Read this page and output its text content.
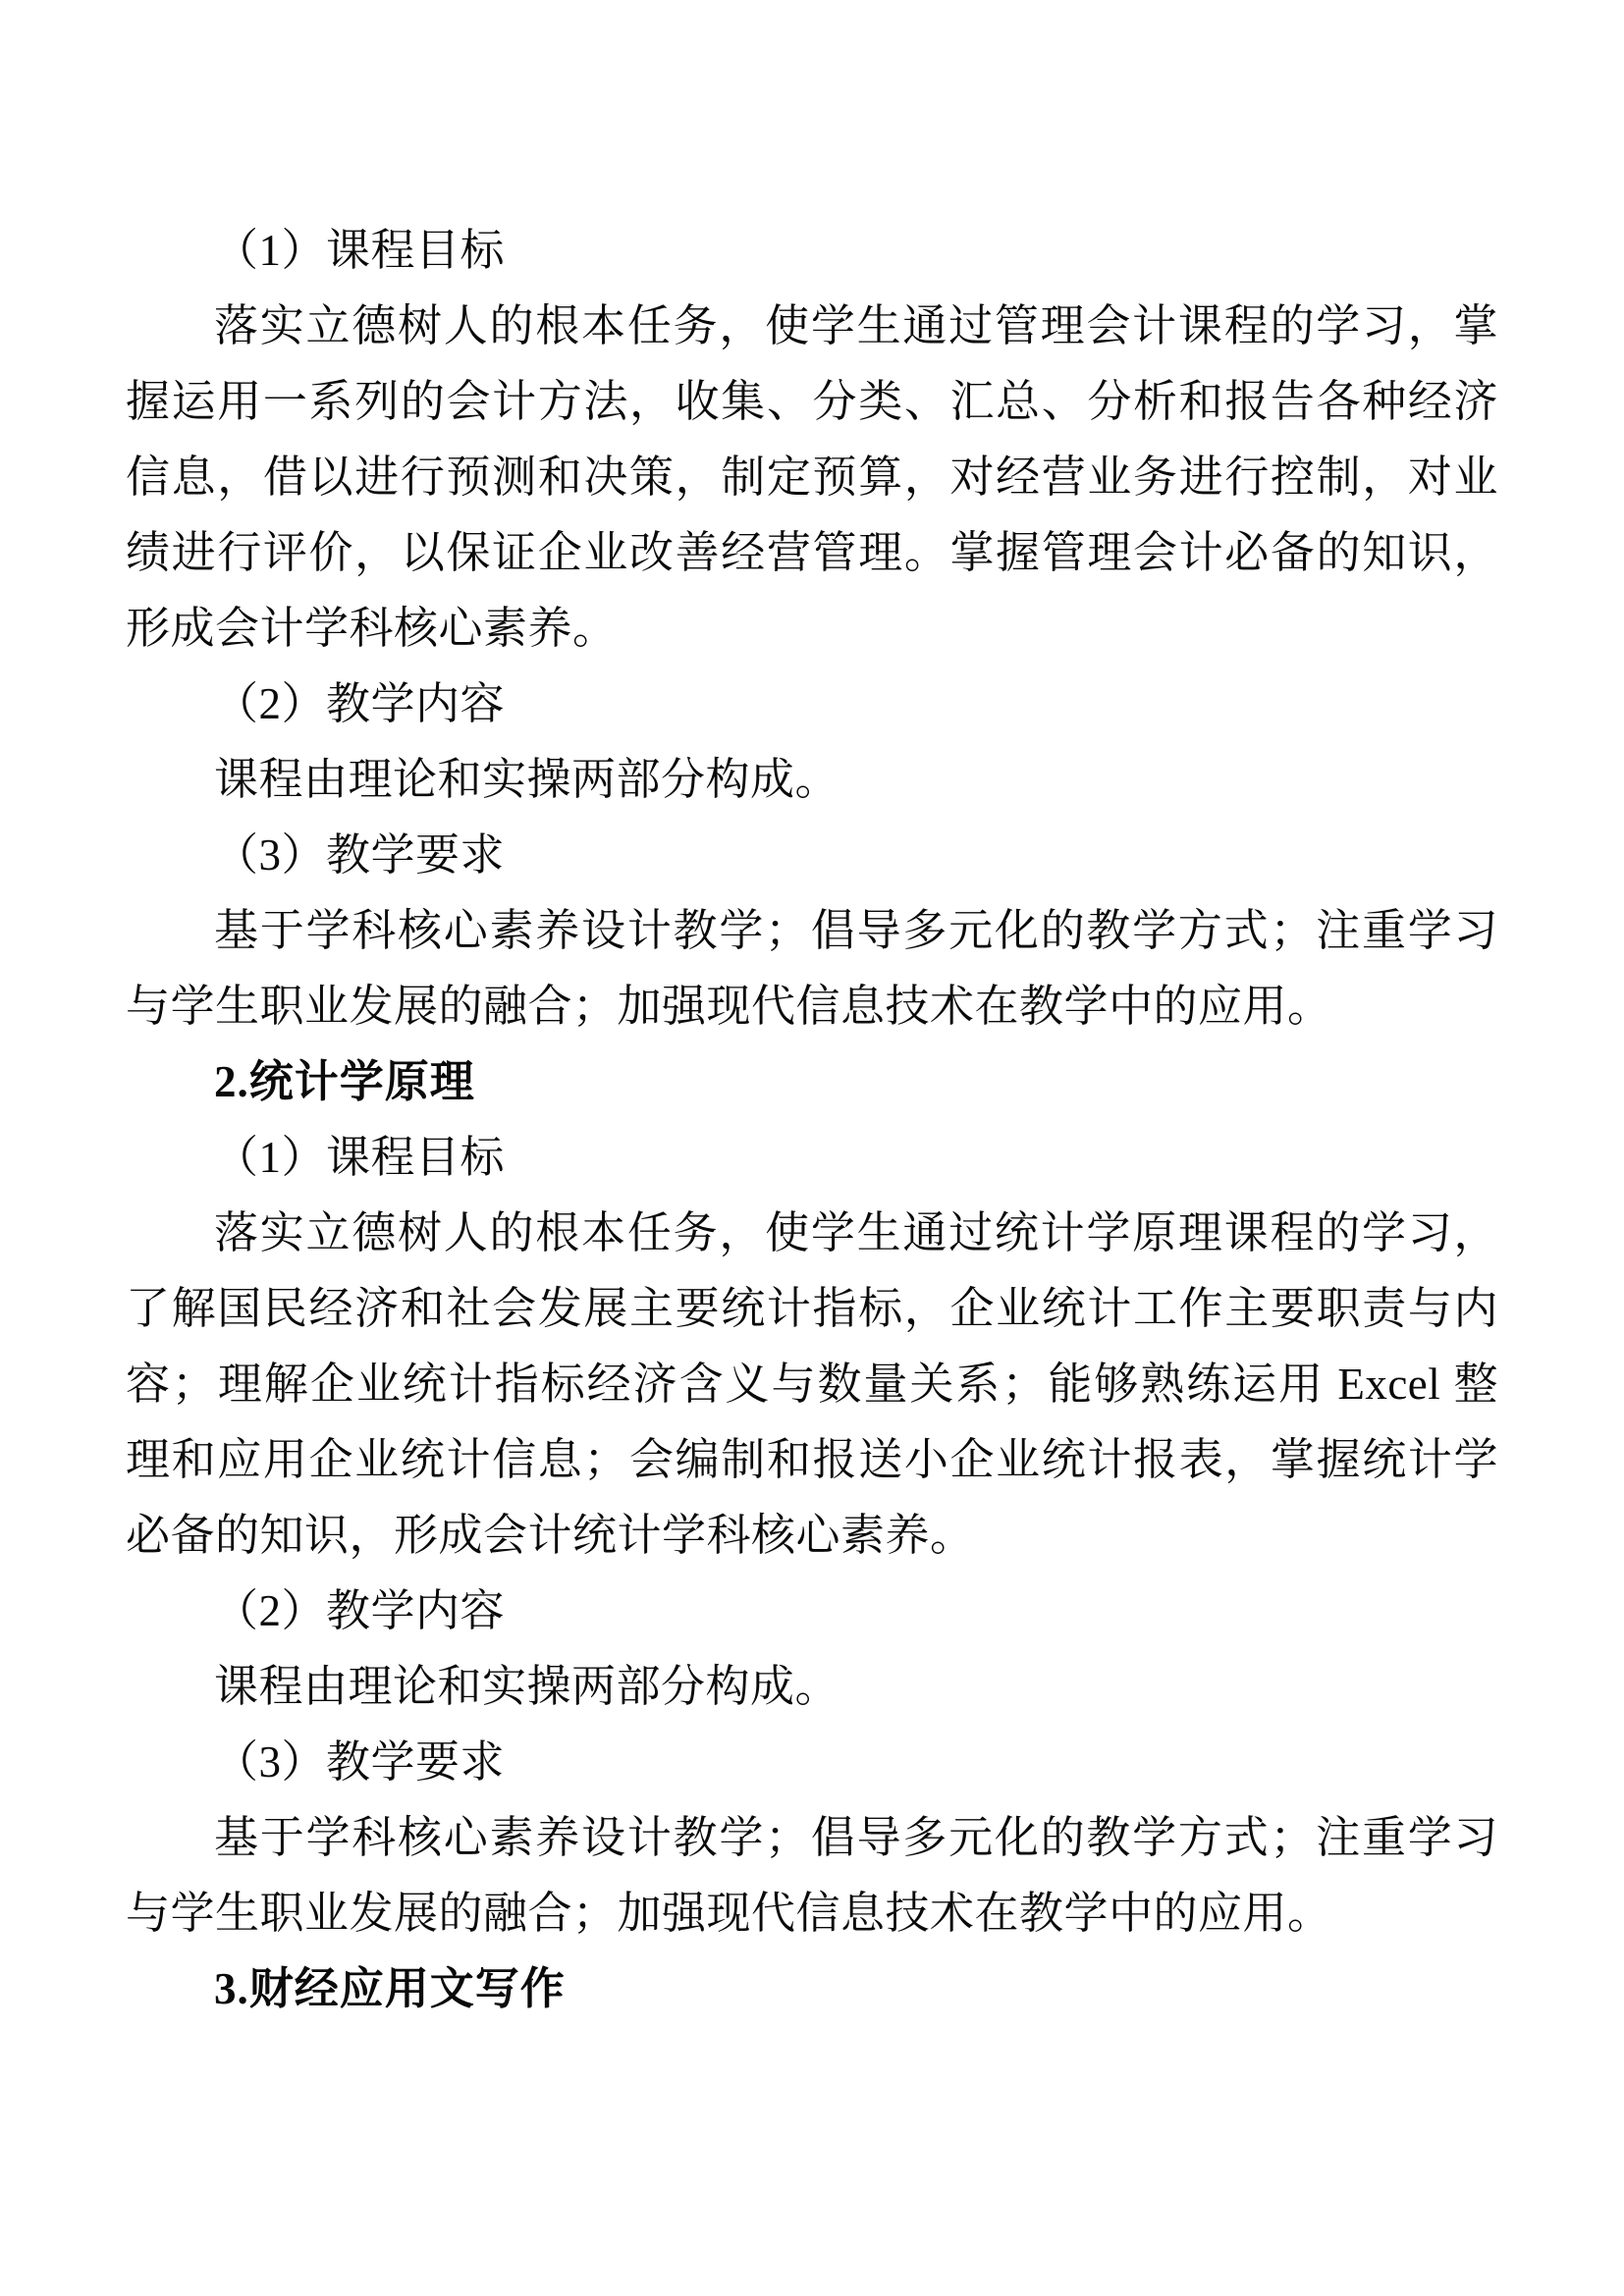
（1）课程目标
落实立德树人的根本任务，使学生通过管理会计课程的学习，掌
握运用一系列的会计方法，收集、分类、汇总、分析和报告各种经济
信息，借以进行预测和决策，制定预算，对经营业务进行控制，对业
绩进行评价，以保证企业改善经营管理。掌握管理会计必备的知识，
形成会计学科核心素养。
（2）教学内容
课程由理论和实操两部分构成。
（3）教学要求
基于学科核心素养设计教学；倡导多元化的教学方式；注重学习
与学生职业发展的融合；加强现代信息技术在教学中的应用。
2.统计学原理
（1）课程目标
落实立德树人的根本任务，使学生通过统计学原理课程的学习，
了解国民经济和社会发展主要统计指标，企业统计工作主要职责与内
容；理解企业统计指标经济含义与数量关系；能够熟练运用 Excel 整
理和应用企业统计信息；会编制和报送小企业统计报表，掌握统计学
必备的知识，形成会计统计学科核心素养。
（2）教学内容
课程由理论和实操两部分构成。
（3）教学要求
基于学科核心素养设计教学；倡导多元化的教学方式；注重学习
与学生职业发展的融合；加强现代信息技术在教学中的应用。
3.财经应用文写作
